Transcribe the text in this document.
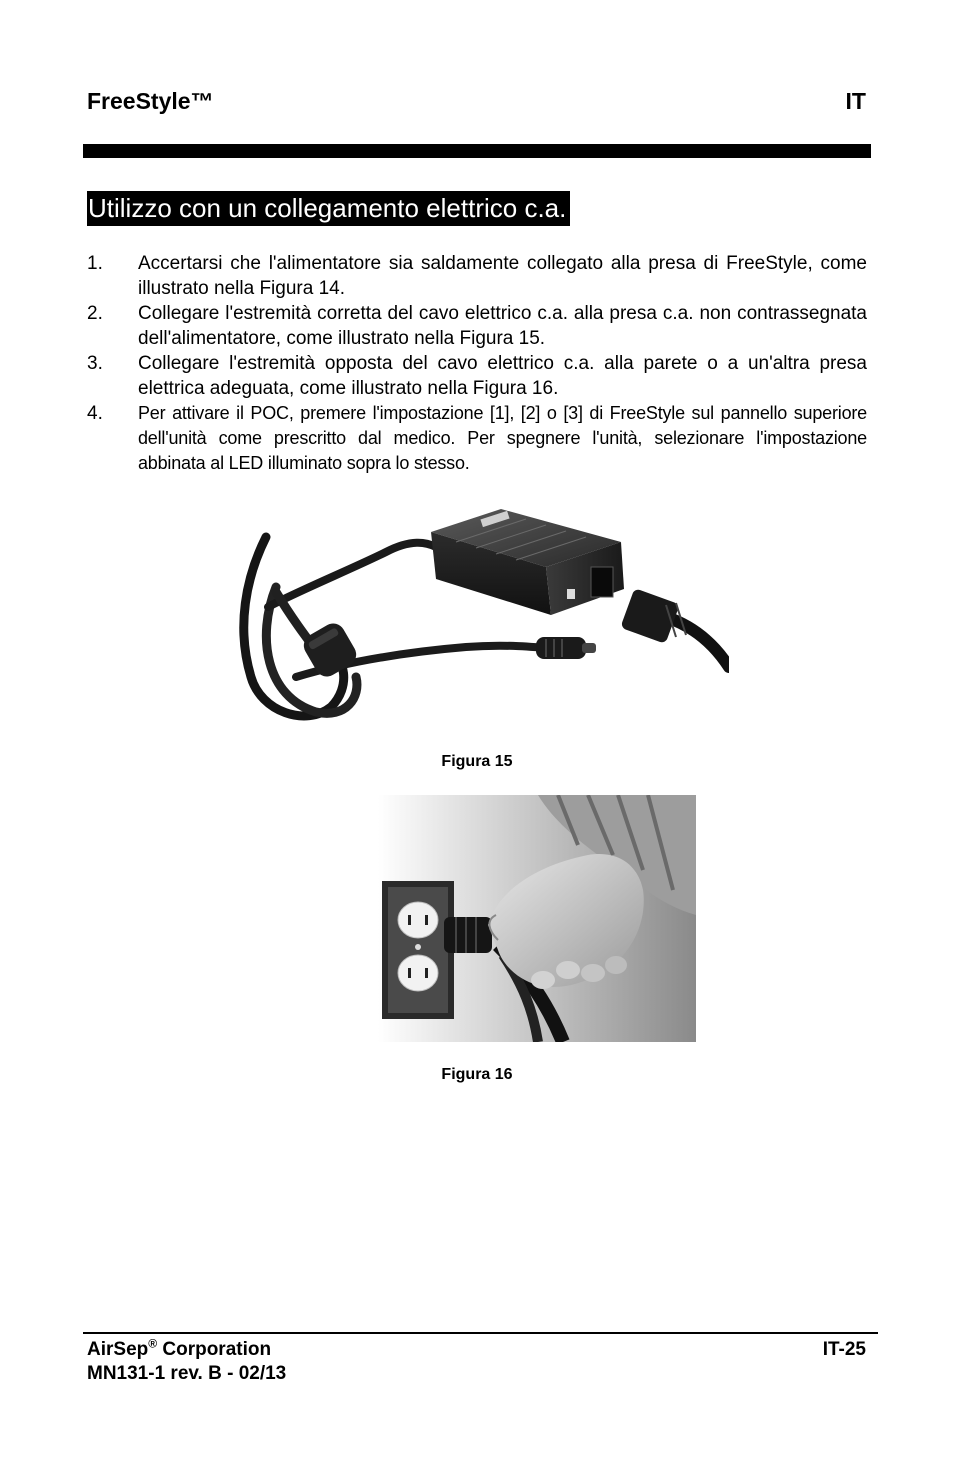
FreeStyle™	IT
Utilizzo con un collegamento elettrico c.a.
1.	Accertarsi che l'alimentatore sia saldamente collegato alla presa di FreeStyle, come illustrato nella Figura 14.
2.	Collegare l'estremità corretta del cavo elettrico c.a. alla presa c.a. non contrassegnata dell'alimentatore, come illustrato nella Figura 15.
3.	Collegare l'estremità opposta del cavo elettrico c.a. alla parete o a un'altra presa elettrica adeguata, come illustrato nella Figura 16.
4.	Per attivare il POC, premere l'impostazione [1], [2] o [3] di FreeStyle sul pannello superiore dell'unità come prescritto dal medico. Per spegnere l'unità, selezionare l'impostazione abbinata al LED illuminato sopra lo stesso.
Figura 15
Figura 16
AirSep® Corporation
MN131-1 rev. B - 02/13
IT-25
